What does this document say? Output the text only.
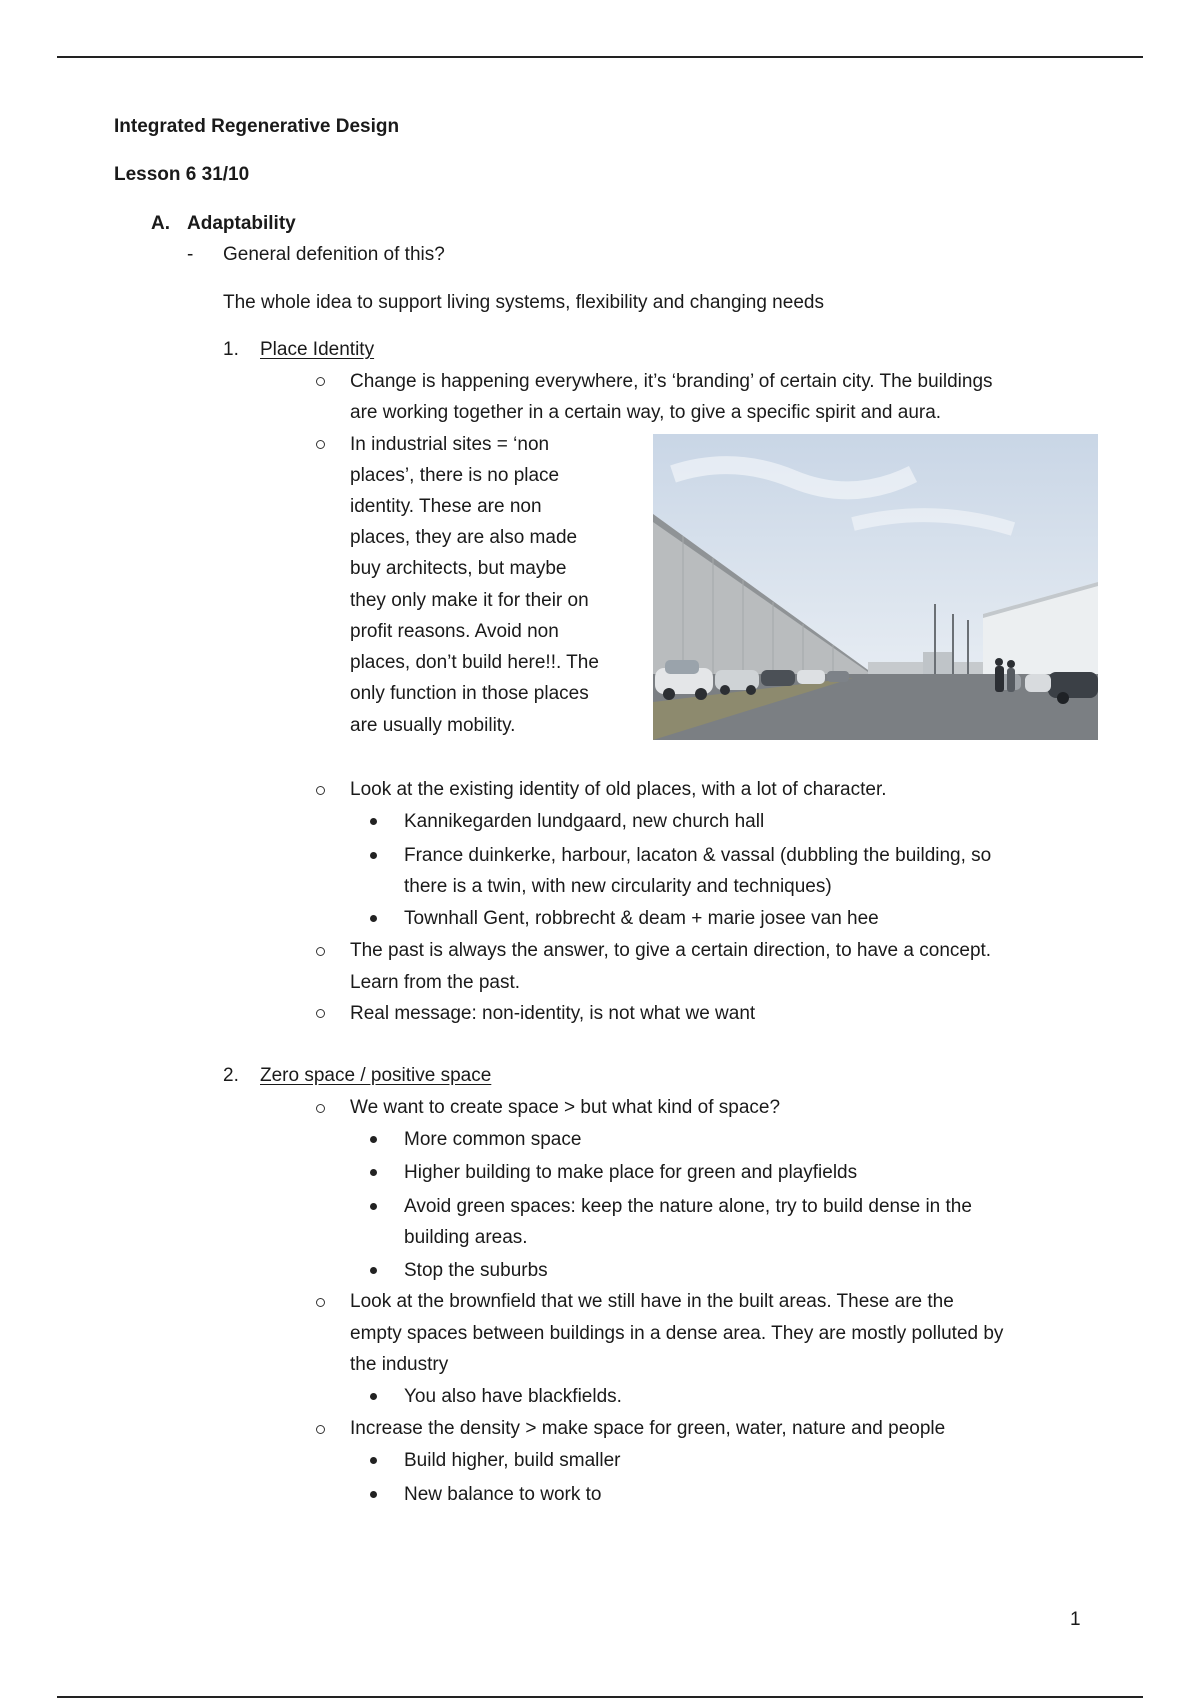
Integrated Regenerative Design

Lesson 6 31/10

A. Adaptability

- General defenition of this?

The whole idea to support living systems, flexibility and changing needs

1. Place Identity

Change is happening everywhere, it’s ‘branding’ of certain city. The buildings

are working together in a certain way, to give a specific spirit and aura.

In industrial sites = ‘non

places’, there is no place

identity. These are non

places, they are also made

buy architects, but maybe

they only make it for their on

profit reasons. Avoid non

places, don’t build here!!. The

only function in those places

are usually mobility.

Look at the existing identity of old places, with a lot of character.

Kannikegarden lundgaard, new church hall

France duinkerke, harbour, lacaton & vassal (dubbling the building, so

there is a twin, with new circularity and techniques)

Townhall Gent, robbrecht & deam + marie josee van hee

The past is always the answer, to give a certain direction, to have a concept.

Learn from the past.

Real message: non-identity, is not what we want

2. Zero space / positive space

We want to create space > but what kind of space?

More common space

Higher building to make place for green and playfields

Avoid green spaces: keep the nature alone, try to build dense in the

building areas.

Stop the suburbs

Look at the brownfield that we still have in the built areas. These are the

empty spaces between buildings in a dense area. They are mostly polluted by

the industry

You also have blackfields.

Increase the density > make space for green, water, nature and people

Build higher, build smaller

New balance to work to

1
